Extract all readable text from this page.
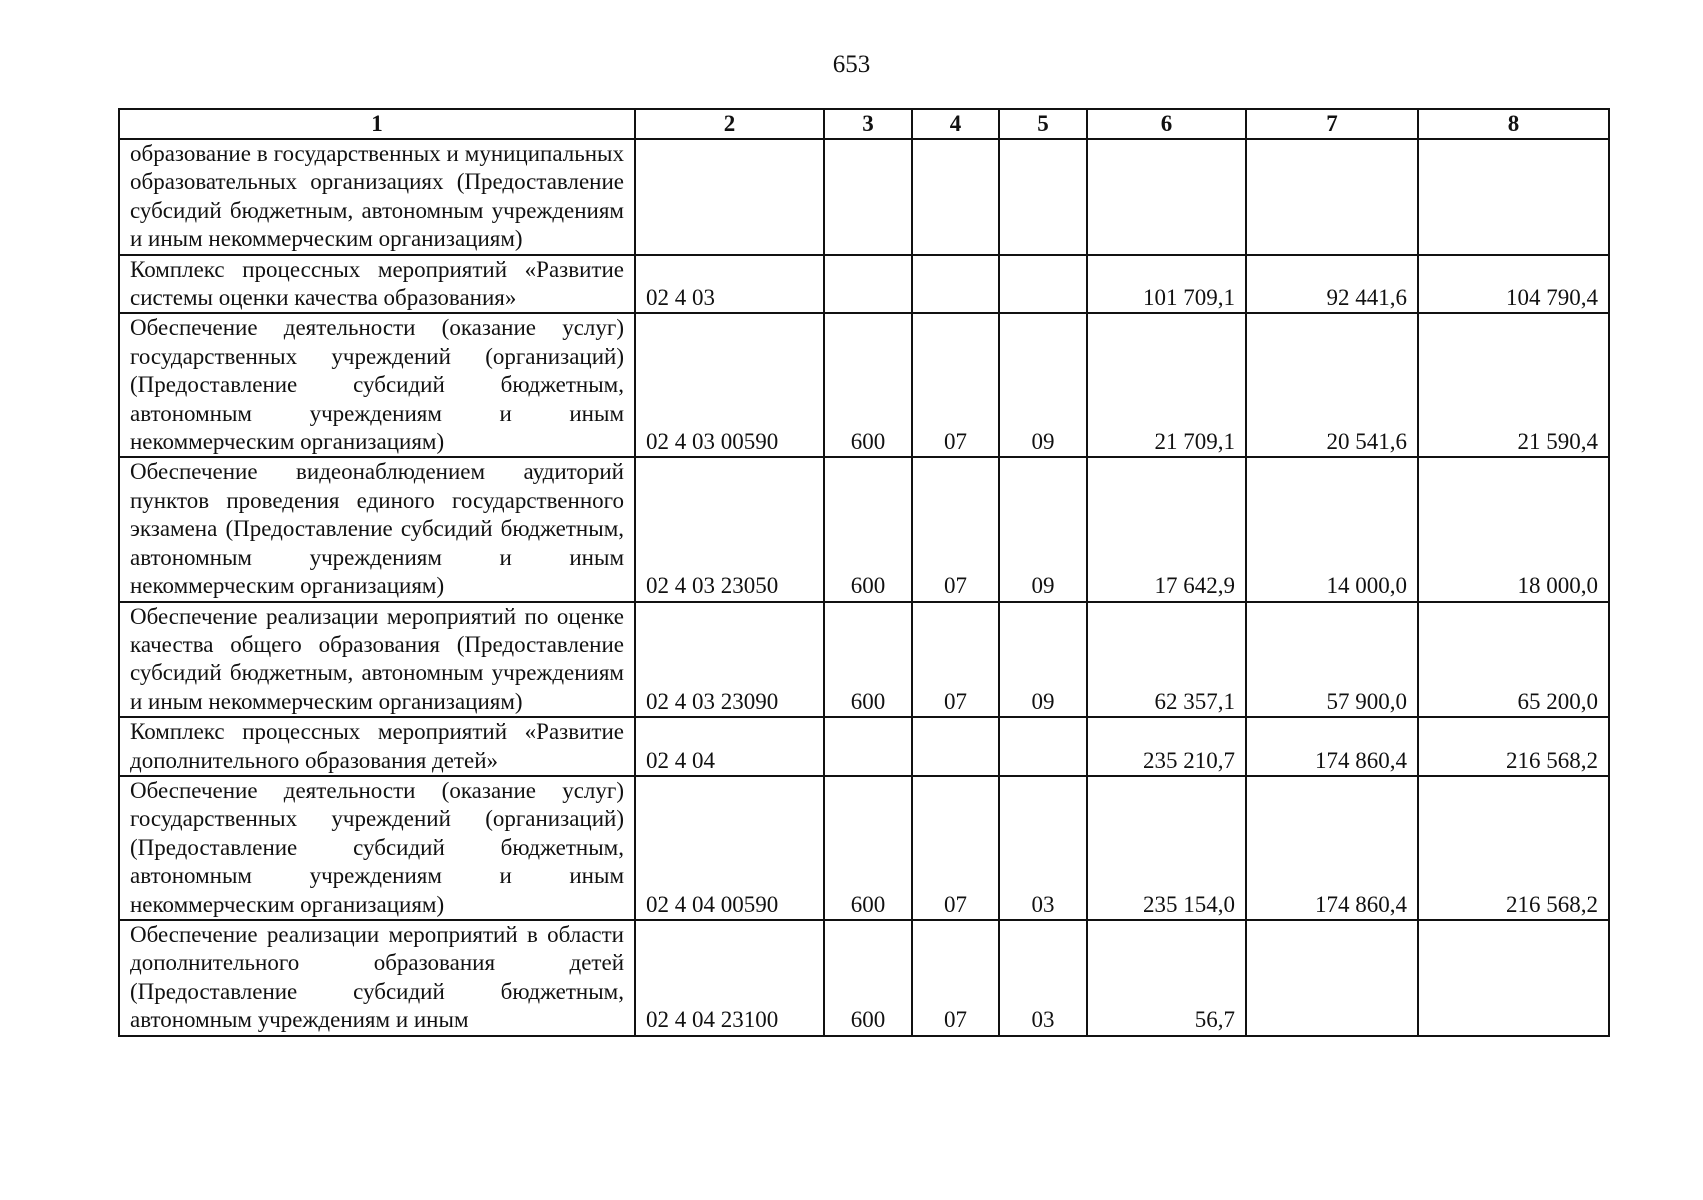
653
1	2	3	4	5	6	7	8
образование в государственных и муниципальных образовательных организациях (Предоставление субсидий бюджетным, автономным учреждениям и иным некоммерческим организациям)							
Комплекс процессных мероприятий «Развитие системы оценки качества образования»	02 4 03				101 709,1	92 441,6	104 790,4
Обеспечение деятельности (оказание услуг) государственных учреждений (организаций) (Предоставление субсидий бюджетным, автономным учреждениям и иным некоммерческим организациям)	02 4 03 00590	600	07	09	21 709,1	20 541,6	21 590,4
Обеспечение видеонаблюдением аудиторий пунктов проведения единого государственного экзамена (Предоставление субсидий бюджетным, автономным учреждениям и иным некоммерческим организациям)	02 4 03 23050	600	07	09	17 642,9	14 000,0	18 000,0
Обеспечение реализации мероприятий по оценке качества общего образования (Предоставление субсидий бюджетным, автономным учреждениям и иным некоммерческим организациям)	02 4 03 23090	600	07	09	62 357,1	57 900,0	65 200,0
Комплекс процессных мероприятий «Развитие дополнительного образования детей»	02 4 04				235 210,7	174 860,4	216 568,2
Обеспечение деятельности (оказание услуг) государственных учреждений (организаций) (Предоставление субсидий бюджетным, автономным учреждениям и иным некоммерческим организациям)	02 4 04 00590	600	07	03	235 154,0	174 860,4	216 568,2
Обеспечение реализации мероприятий в области дополнительного образования детей (Предоставление субсидий бюджетным, автономным учреждениям и иным	02 4 04 23100	600	07	03	56,7		
